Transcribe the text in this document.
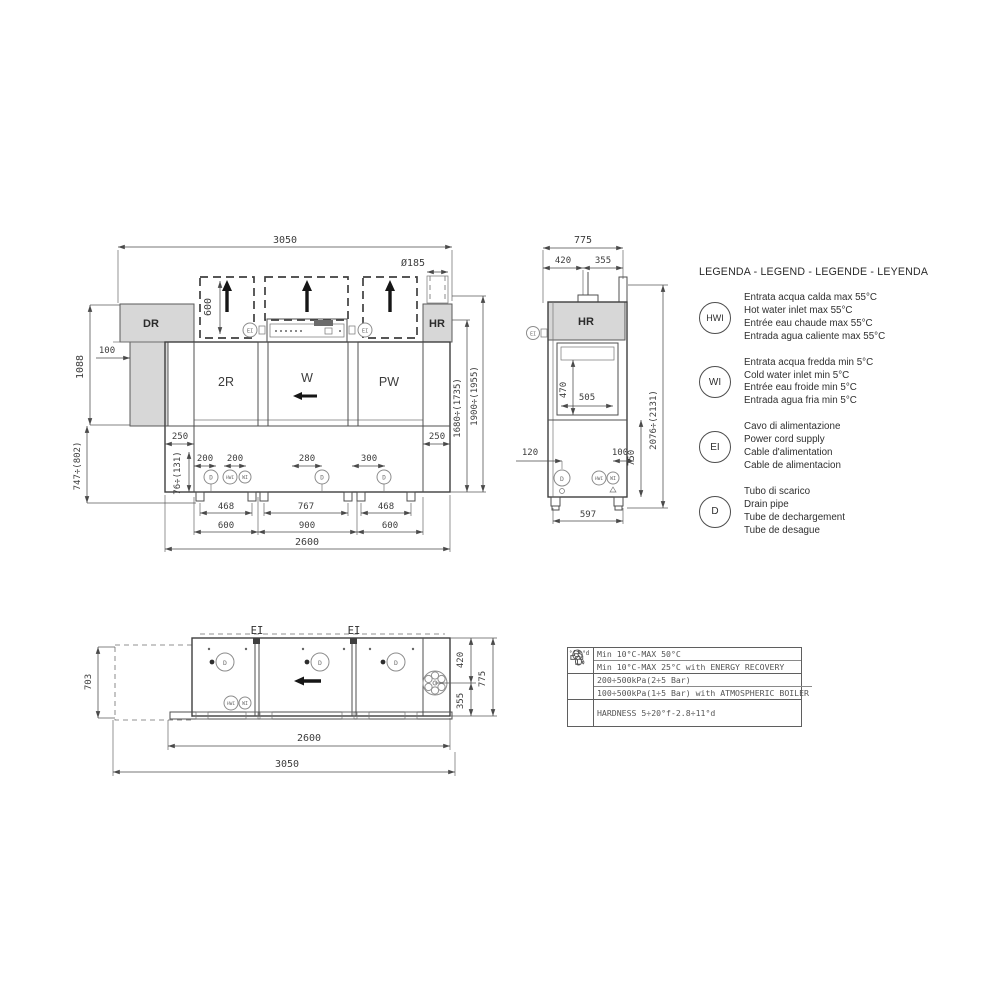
3050
Ø185
600
DR	HR
EI	EI
2R	W	PW
D	HWI WI	D	D
200 200	280	300
250	250
76÷(131)
468	767	468
600	900	600
2600
1088
100
747÷(802)
1680÷(1735) 1900÷(1955)
775
420	355
HR
470 505
EI
D	HWI WI
120	100
750
597
2076÷(2131)
EI	EI
D	D	D
HWI WI
703
2600
3050
420
355
775
LEGENDA - LEGEND - LEGENDE - LEYENDA
HWI
Entrata acqua calda max 55°C
Hot water inlet max 55°C
Entrée eau chaude max 55°C
Entrada agua caliente max 55°C
WI
Entrata acqua fredda min 5°C
Cold water inlet min 5°C
Entrée eau froide min 5°C
Entrada agua fria min 5°C
EI
Cavo di alimentazione
Power cord supply
Cable d'alimentation
Cable de alimentacion
D
Tubo di scarico
Drain pipe
Tube de dechargement
Tube de desague
Min 10°C-MAX 50°C
Min 10°C-MAX 25°C with ENERGY RECOVERY
200÷500kPa(2÷5 Bar)
100÷500kPa(1÷5 Bar) with ATMOSPHERIC BOILER
°f °d
HARDNESS 5÷20°f-2.8÷11°d
